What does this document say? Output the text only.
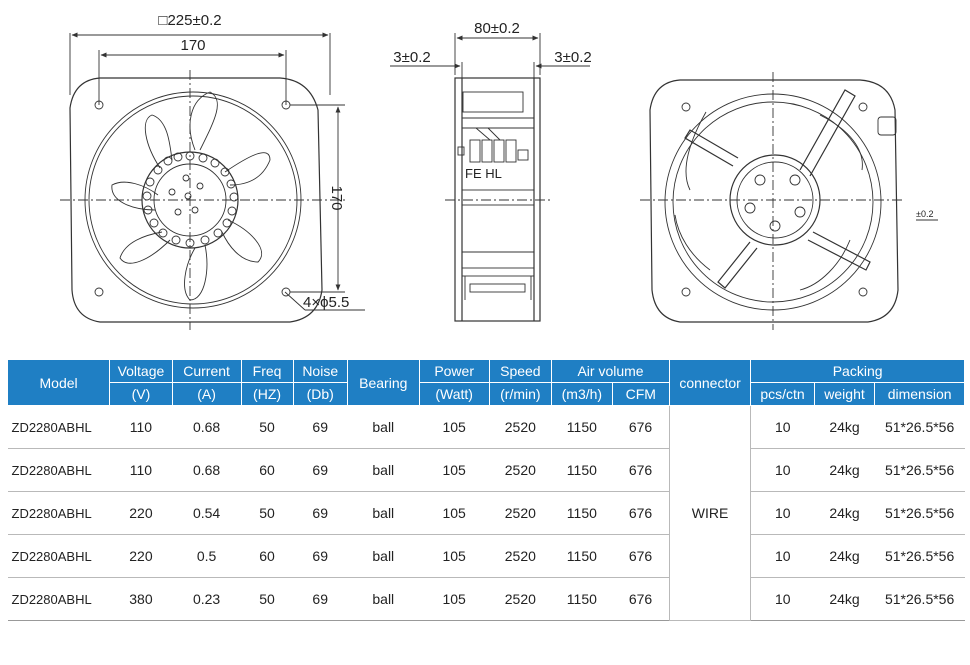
□225±0.2
170
170
4×ϕ5.5
80±0.2
3±0.2	3±0.2
FE HL
±0.2
Model	Voltage	Current	Freq	Noise	Bearing	Power	Speed	Air volume		connector	Packing		
	(V)	(A)	(HZ)	(Db)		(Watt)	(r/min)	(m3/h)	CFM		pcs/ctn	weight	dimension
ZD2280ABHL	110	0.68	50	69	ball	105	2520	1150	676	WIRE	10	24kg	51*26.5*56
ZD2280ABHL	110	0.68	60	69	ball	105	2520	1150	676		10	24kg	51*26.5*56
ZD2280ABHL	220	0.54	50	69	ball	105	2520	1150	676		10	24kg	51*26.5*56
ZD2280ABHL	220	0.5	60	69	ball	105	2520	1150	676		10	24kg	51*26.5*56
ZD2280ABHL	380	0.23	50	69	ball	105	2520	1150	676		10	24kg	51*26.5*56
